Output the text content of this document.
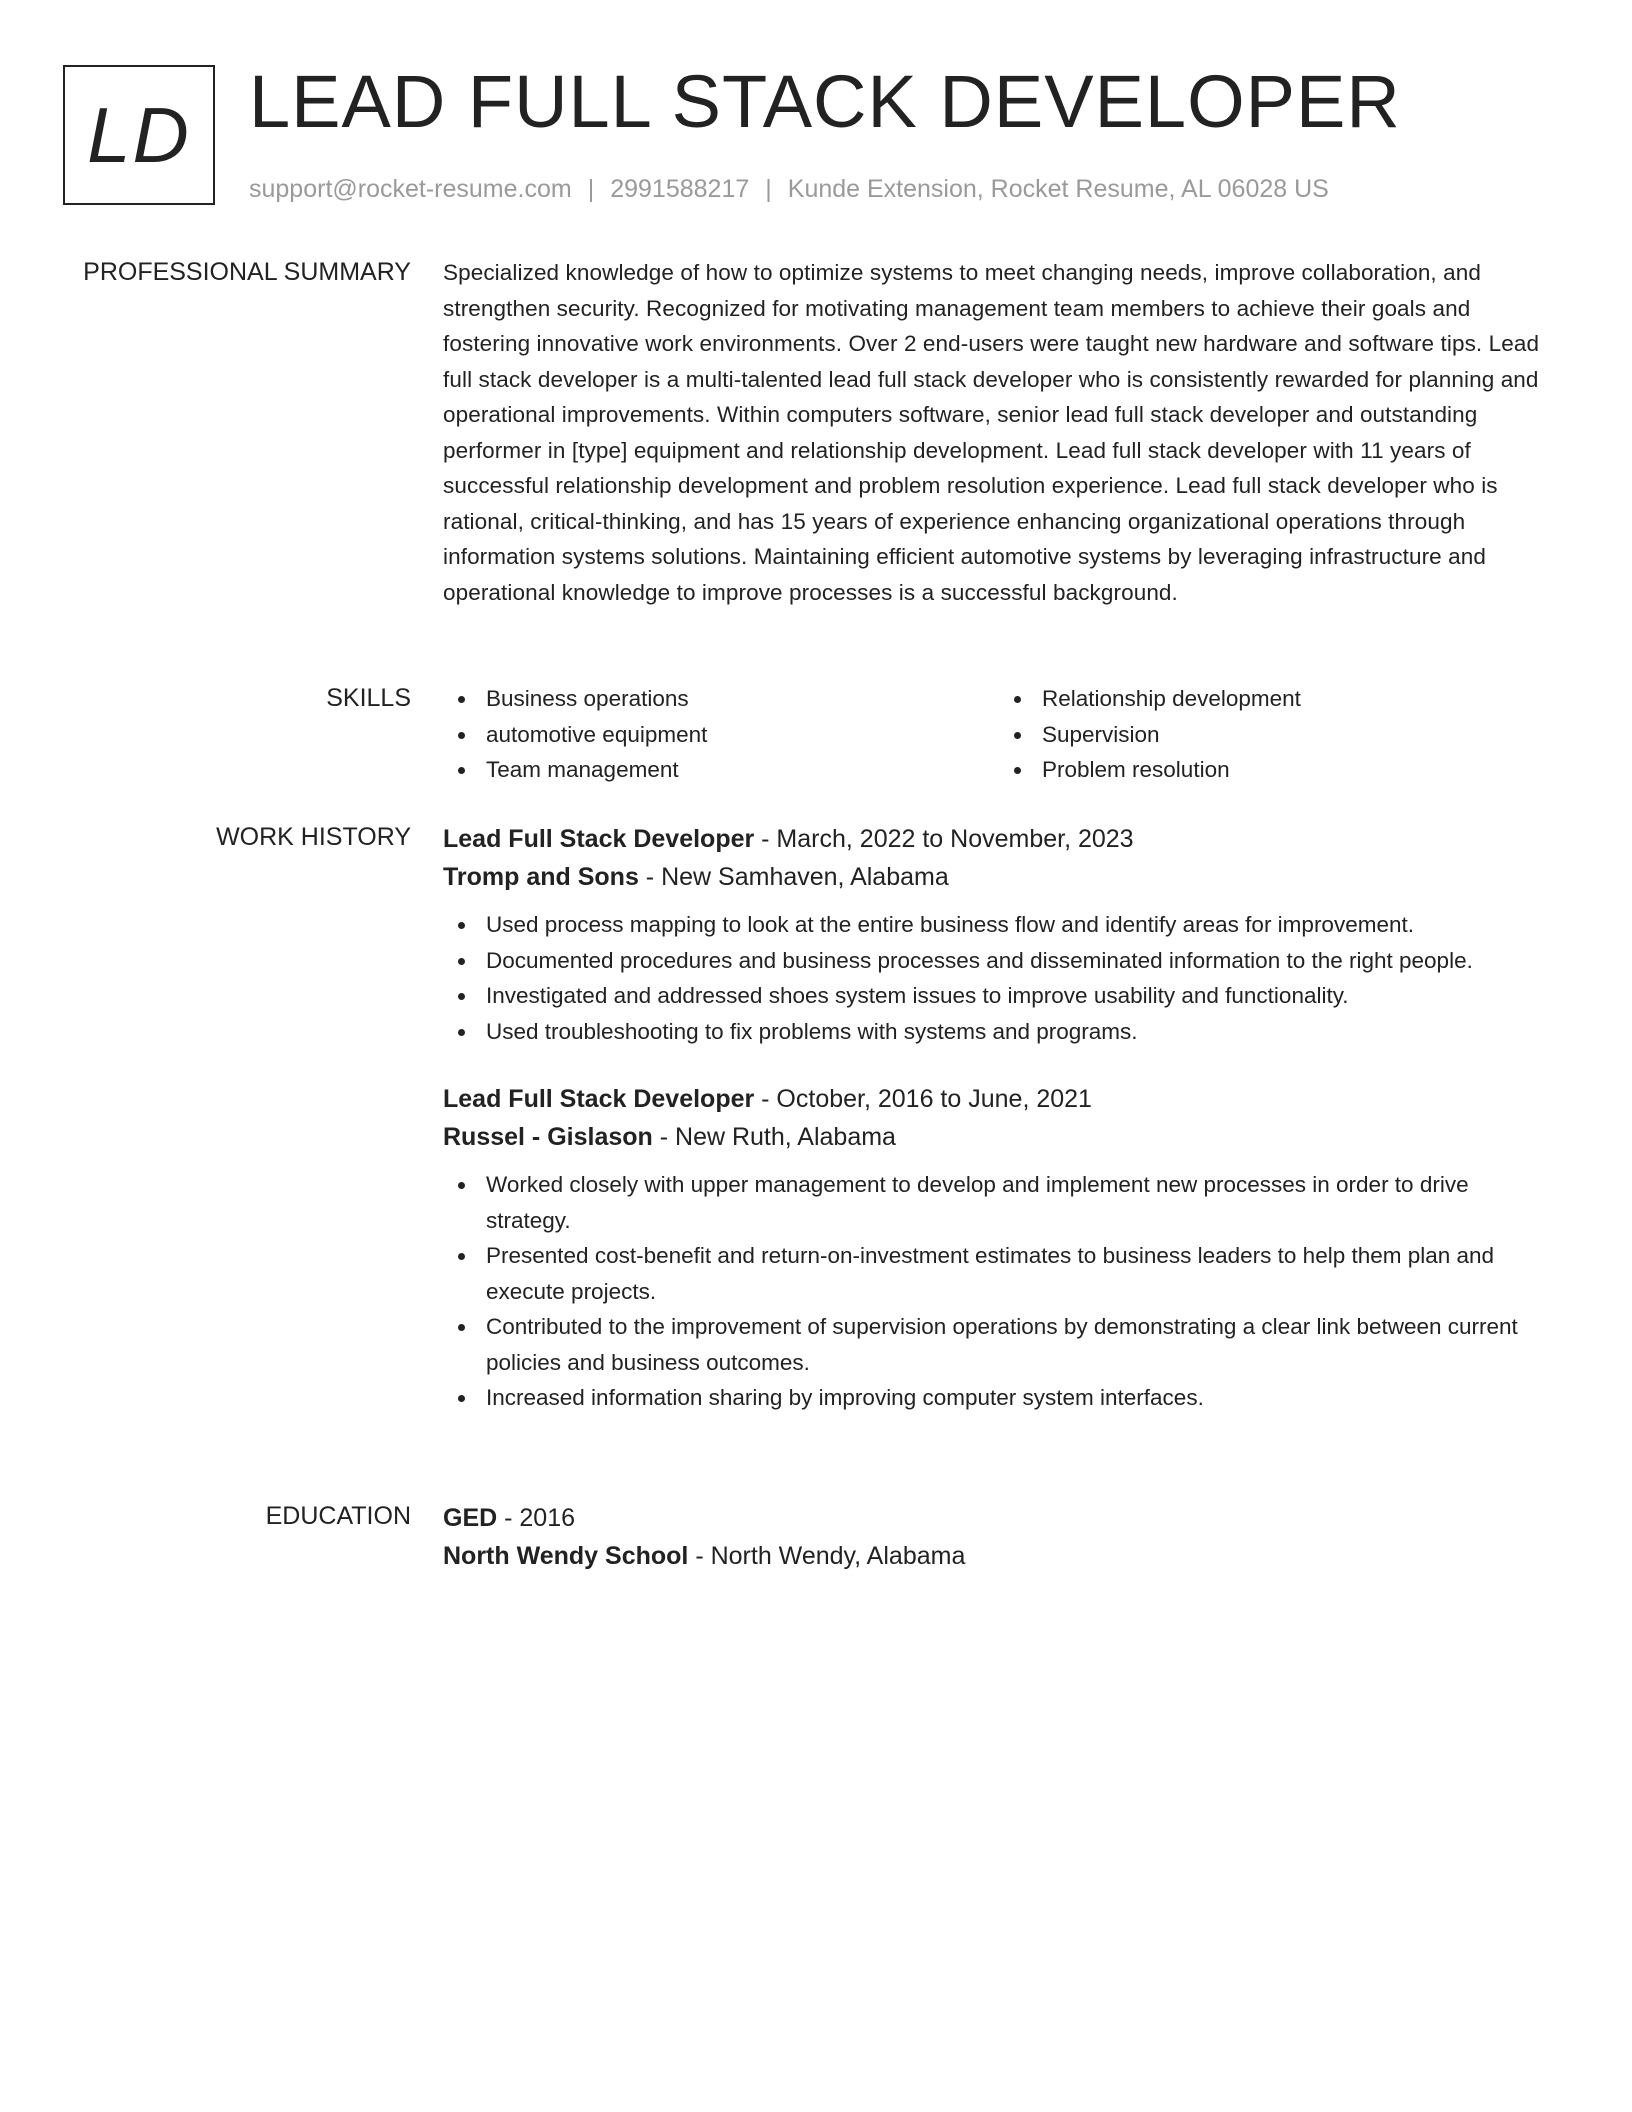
LD LEAD FULL STACK DEVELOPER
support@rocket-resume.com | 2991588217 | Kunde Extension, Rocket Resume, AL 06028 US
PROFESSIONAL SUMMARY Specialized knowledge of how to optimize systems to meet changing needs, improve collaboration, and strengthen security. Recognized for motivating management team members to achieve their goals and fostering innovative work environments. Over 2 end-users were taught new hardware and software tips. Lead full stack developer is a multi-talented lead full stack developer who is consistently rewarded for planning and operational improvements. Within computers software, senior lead full stack developer and outstanding performer in [type] equipment and relationship development. Lead full stack developer with 11 years of successful relationship development and problem resolution experience. Lead full stack developer who is rational, critical-thinking, and has 15 years of experience enhancing organizational operations through information systems solutions. Maintaining efficient automotive systems by leveraging infrastructure and operational knowledge to improve processes is a successful background.

SKILLS	Business operations
automotive equipment
Team management
Relationship development
Supervision
Problem resolution
WORK HISTORY Lead Full Stack Developer - March, 2022 to November, 2023
Tromp and Sons - New Samhaven, Alabama
Used process mapping to look at the entire business flow and identify areas for improvement.
Documented procedures and business processes and disseminated information to the right people.
Investigated and addressed shoes system issues to improve usability and functionality.
Used troubleshooting to fix problems with systems and programs.
Lead Full Stack Developer - October, 2016 to June, 2021
Russel - Gislason - New Ruth, Alabama
Worked closely with upper management to develop and implement new processes in order to drive strategy.
Presented cost-benefit and return-on-investment estimates to business leaders to help them plan and execute projects.
Contributed to the improvement of supervision operations by demonstrating a clear link between current policies and business outcomes.
Increased information sharing by improving computer system interfaces.
EDUCATION GED - 2016
North Wendy School - North Wendy, Alabama
